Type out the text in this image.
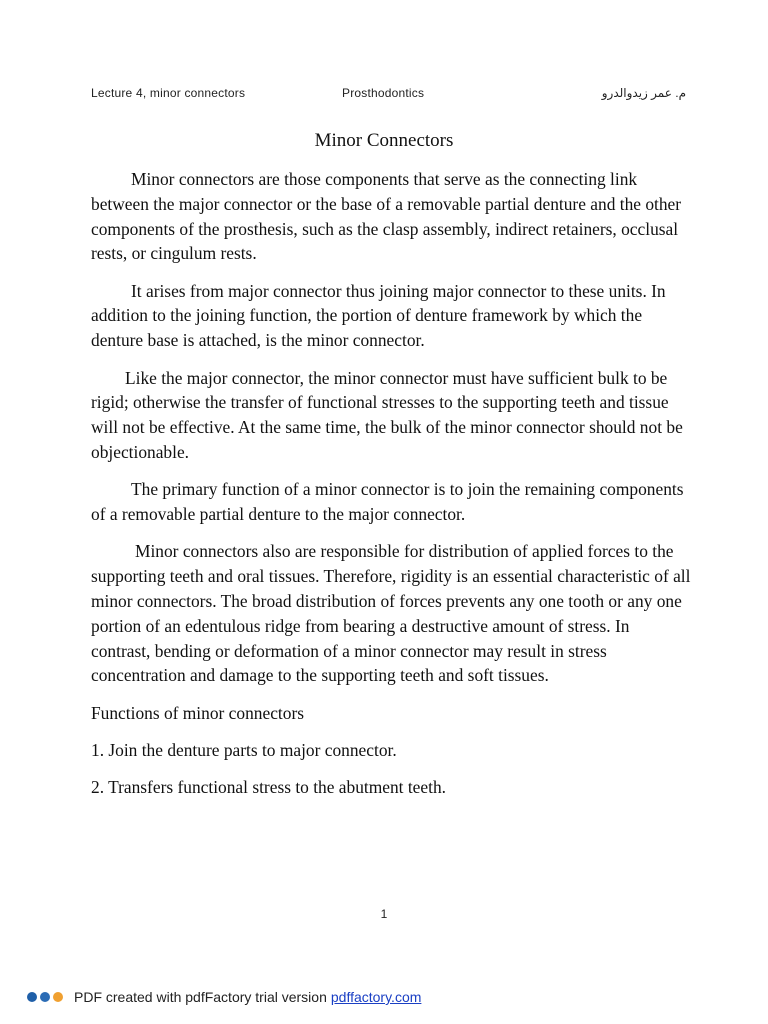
Lecture 4, minor connectors	Prosthodontics	م. عمر زيدوالدرو
Minor Connectors

Minor connectors are those components that serve as the connecting link between the major connector or the base of a removable partial denture and the other components of the prosthesis, such as the clasp assembly, indirect retainers, occlusal rests, or cingulum rests.

It arises from major connector thus joining major connector to these units. In addition to the joining function, the portion of denture framework by which the denture base is attached, is the minor connector.

Like the major connector, the minor connector must have sufficient bulk to be rigid; otherwise the transfer of functional stresses to the supporting teeth and tissue will not be effective. At the same time, the bulk of the minor connector should not be objectionable.

The primary function of a minor connector is to join the remaining components of a removable partial denture to the major connector.

Minor connectors also are responsible for distribution of applied forces to the supporting teeth and oral tissues. Therefore, rigidity is an essential characteristic of all minor connectors. The broad distribution of forces prevents any one tooth or any one portion of an edentulous ridge from bearing a destructive amount of stress. In contrast, bending or deformation of a minor connector may result in stress concentration and damage to the supporting teeth and soft tissues.

Functions of minor connectors

1. Join the denture parts to major connector.

2. Transfers functional stress to the abutment teeth.

1
PDF created with pdfFactory trial version pdffactory.com
